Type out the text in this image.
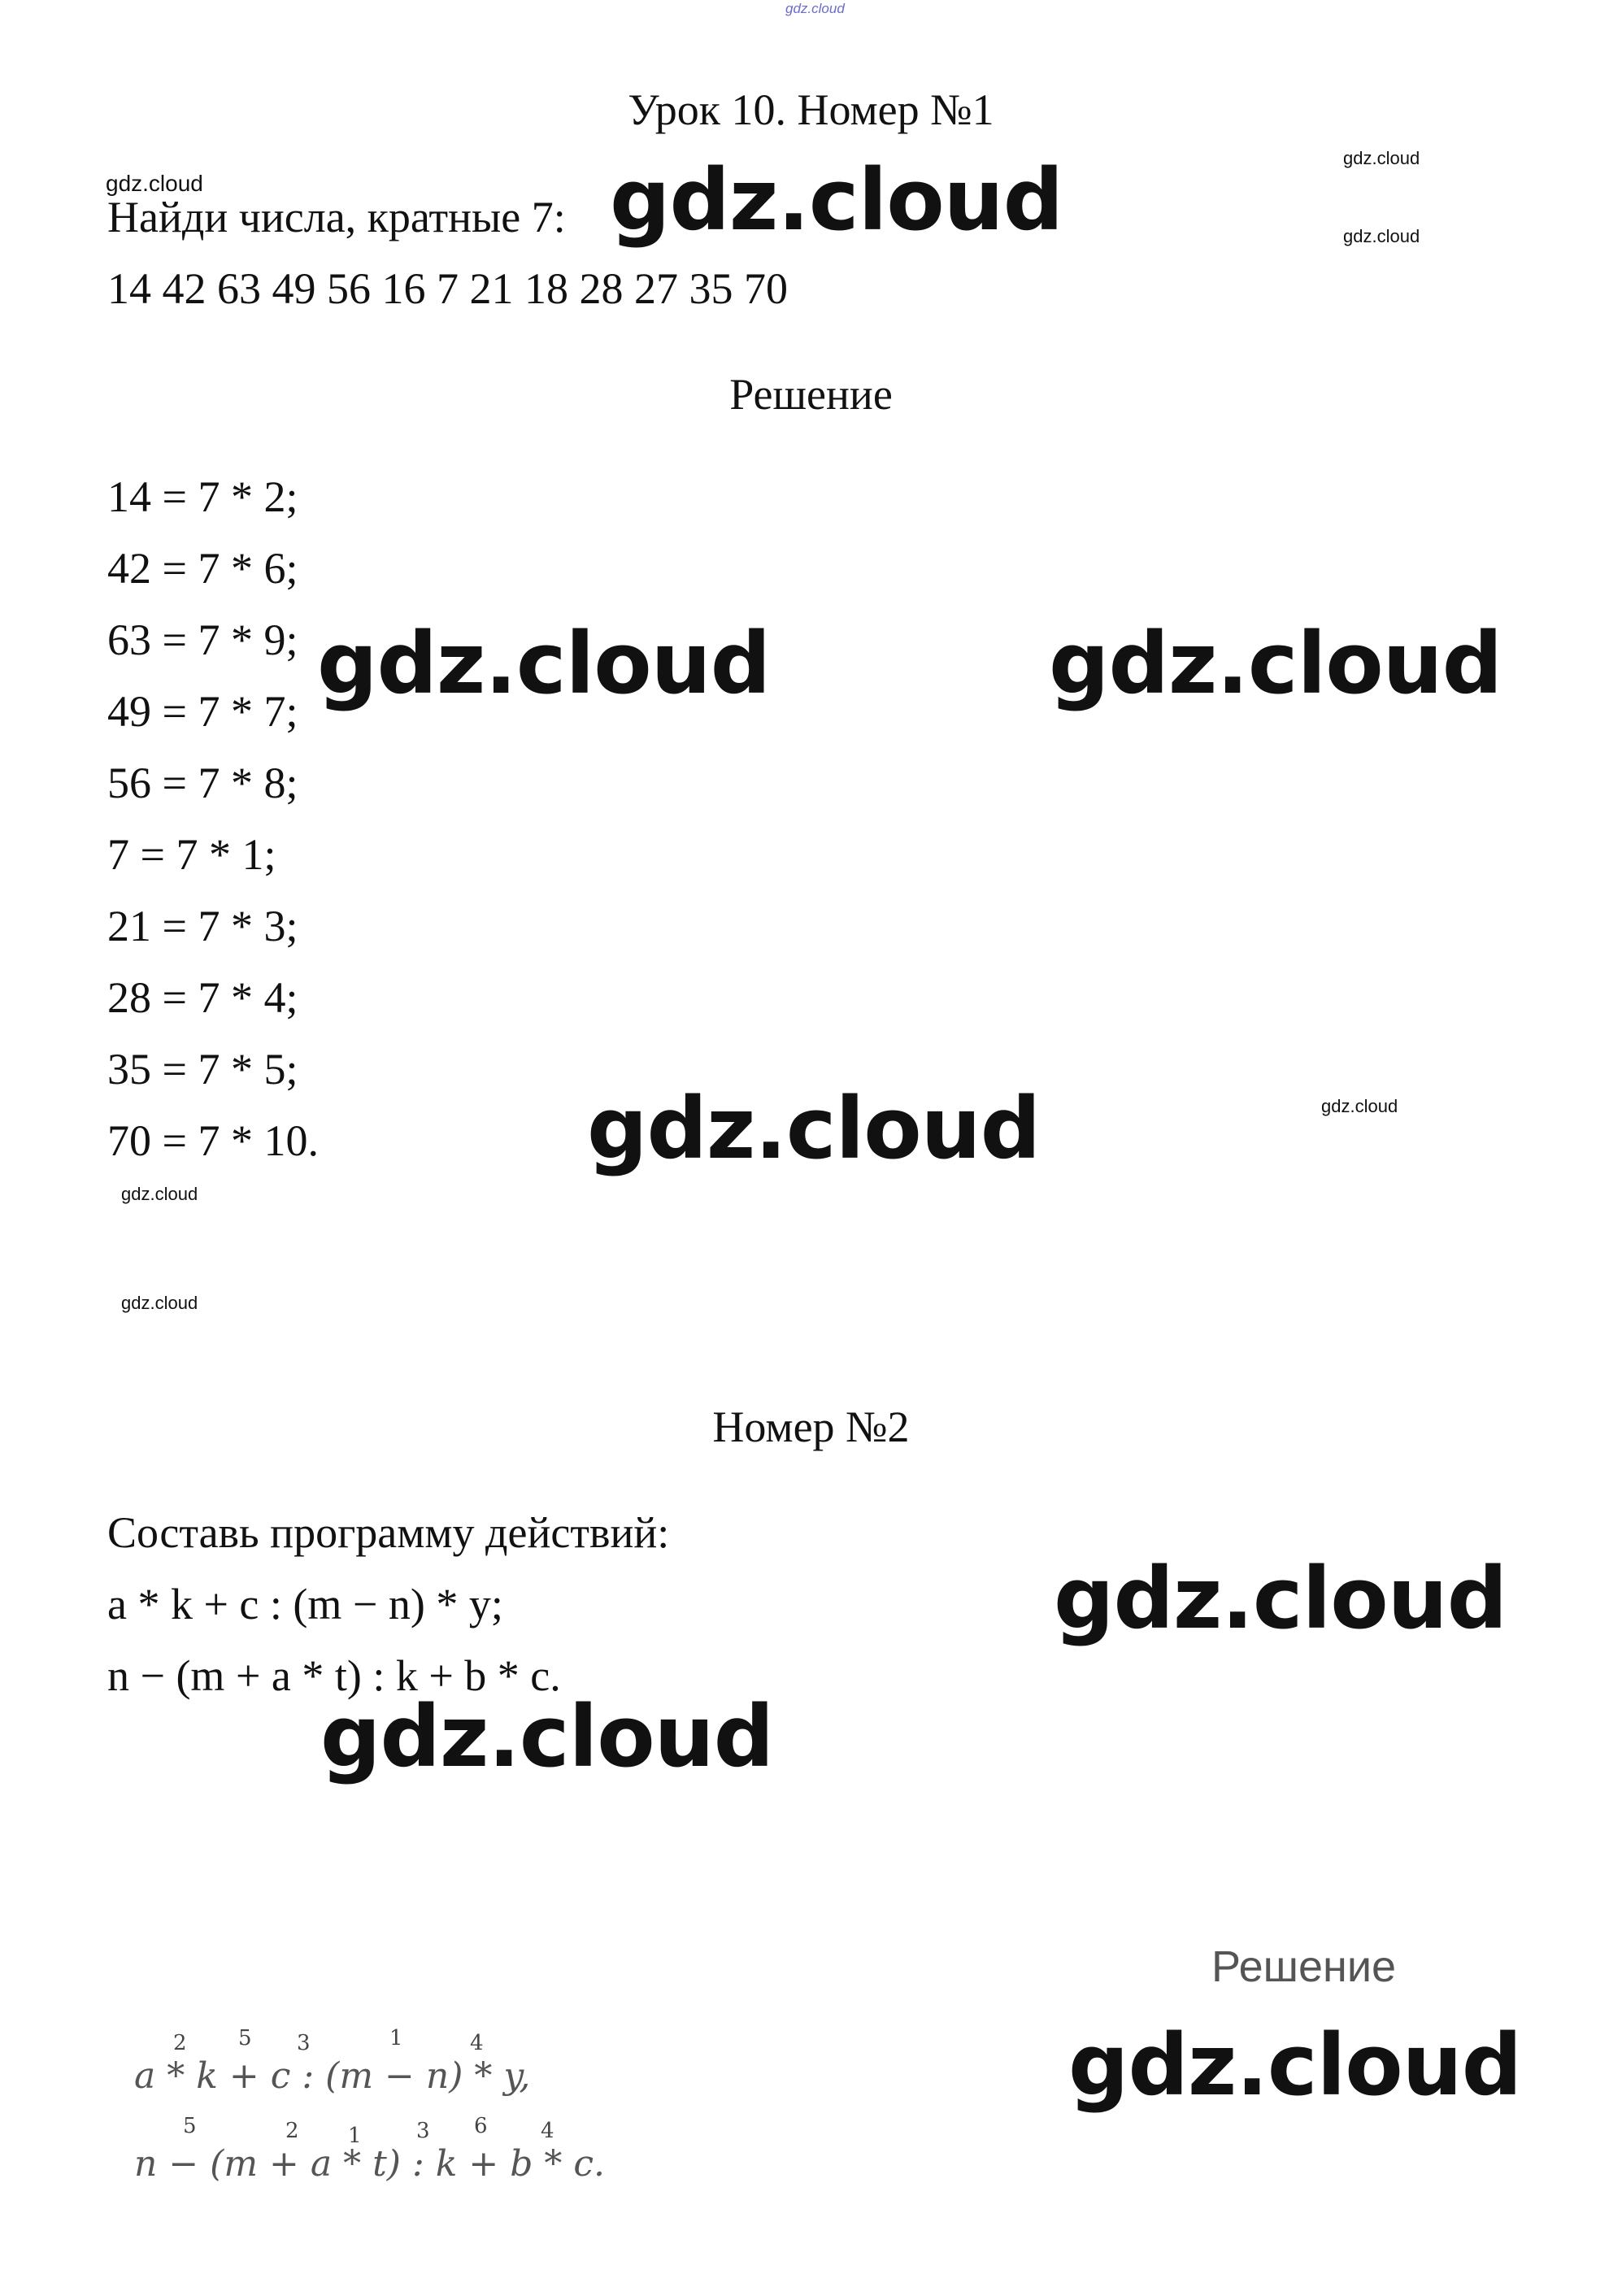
gdz.cloud
Урок 10. Номер №1
gdz.cloud
gdz.cloud
gdz.cloud
Найди числа, кратные 7: gdz.cloud
14 42 63 49 56 16 7 21 18 28 27 35 70
Решение
14 = 7 * 2;
42 = 7 * 6;
63 = 7 * 9;
49 = 7 * 7;
56 = 7 * 8;
7 = 7 * 1;
21 = 7 * 3;
28 = 7 * 4;
35 = 7 * 5;
70 = 7 * 10.
gdz.cloud	gdz.cloud
gdz.cloud	gdz.cloud
gdz.cloud
gdz.cloud
Номер №2
Составь программу действий:
a * k + c : (m − n) * y;
n − (m + a * t) : k + b * c.
gdz.cloud
gdz.cloud
Решение
gdz.cloud
a * k + c : (m − n) * y,
2 5 3	1	4
n − (m + a * t) : k + b * c.
5	2 1	3 6	4
